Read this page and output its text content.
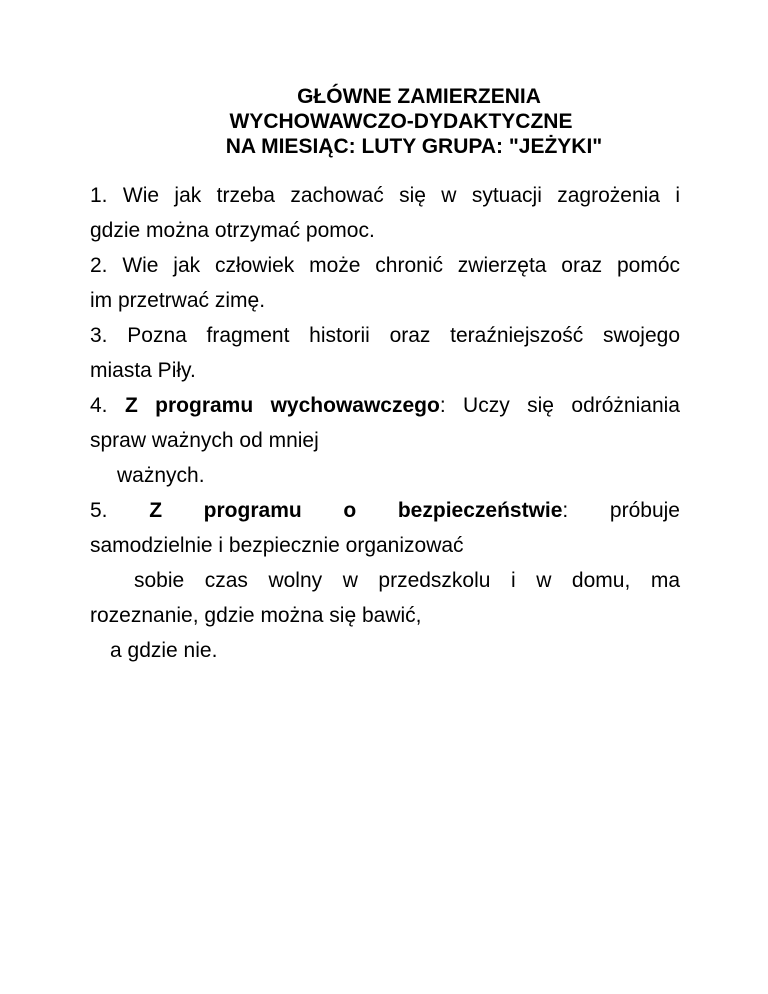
GŁÓWNE ZAMIERZENIA
WYCHOWAWCZO-DYDAKTYCZNE
NA MIESIĄC: LUTY GRUPA: "JEŻYKI"

1. Wie jak trzeba zachować się w sytuacji zagrożenia i
gdzie można otrzymać pomoc.

2. Wie jak człowiek może chronić zwierzęta oraz pomóc
im przetrwać zimę.

3. Pozna fragment historii oraz teraźniejszość swojego
miasta Piły.

4. Z programu wychowawczego: Uczy się odróżniania
spraw ważnych od mniej
ważnych.

5. Z programu o bezpieczeństwie: próbuje
samodzielnie i bezpiecznie organizować
sobie czas wolny w przedszkolu i w domu, ma
rozeznanie, gdzie można się bawić,
a gdzie nie.
